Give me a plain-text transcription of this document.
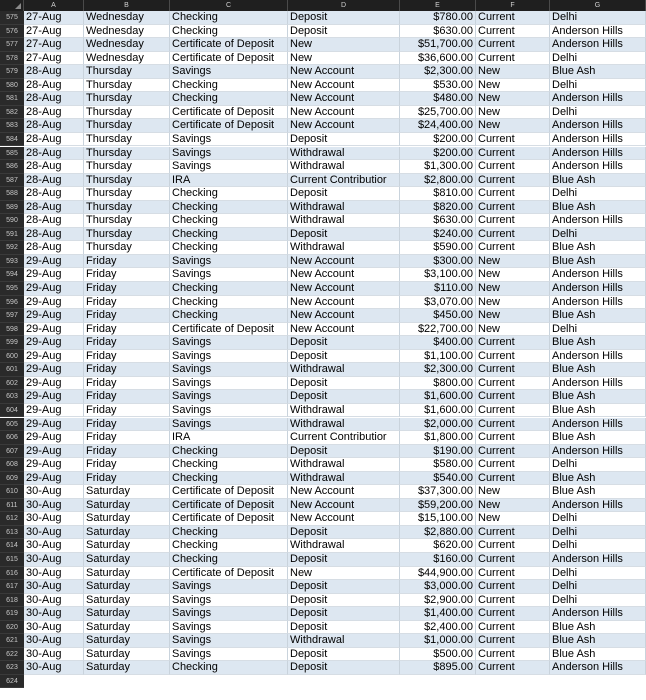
A	B	C	D	E	F	G
575 27-Aug	Wednesday	Checking	Deposit	$780.00 Current	Delhi
576 27-Aug	Wednesday	Checking	Deposit	$630.00 Current	Anderson Hills
577 27-Aug	Wednesday	Certificate of Deposit	New	$51,700.00 Current	Anderson Hills
578 27-Aug	Wednesday	Certificate of Deposit	New	$36,600.00 Current	Delhi
579 28-Aug	Thursday	Savings	New Account	$2,300.00 New	Blue Ash
580 28-Aug	Thursday	Checking	New Account	$530.00 New	Delhi
581 28-Aug	Thursday	Checking	New Account	$480.00 New	Anderson Hills
582 28-Aug	Thursday	Certificate of Deposit	New Account	$25,700.00 New	Delhi
583 28-Aug	Thursday	Certificate of Deposit	New Account	$24,400.00 New	Anderson Hills
584 28-Aug	Thursday	Savings	Deposit	$200.00 Current	Anderson Hills
585 28-Aug	Thursday	Savings	Withdrawal	$200.00 Current	Anderson Hills
586 28-Aug	Thursday	Savings	Withdrawal	$1,300.00 Current	Anderson Hills
587 28-Aug	Thursday	IRA	Current Contributior	$2,800.00 Current	Blue Ash
588 28-Aug	Thursday	Checking	Deposit	$810.00 Current	Delhi
589 28-Aug	Thursday	Checking	Withdrawal	$820.00 Current	Blue Ash
590 28-Aug	Thursday	Checking	Withdrawal	$630.00 Current	Anderson Hills
591 28-Aug	Thursday	Checking	Deposit	$240.00 Current	Delhi
592 28-Aug	Thursday	Checking	Withdrawal	$590.00 Current	Blue Ash
593 29-Aug	Friday	Savings	New Account	$300.00 New	Blue Ash
594 29-Aug	Friday	Savings	New Account	$3,100.00 New	Anderson Hills
595 29-Aug	Friday	Checking	New Account	$110.00 New	Anderson Hills
596 29-Aug	Friday	Checking	New Account	$3,070.00 New	Anderson Hills
597 29-Aug	Friday	Checking	New Account	$450.00 New	Blue Ash
598 29-Aug	Friday	Certificate of Deposit	New Account	$22,700.00 New	Delhi
599 29-Aug	Friday	Savings	Deposit	$400.00 Current	Blue Ash
600 29-Aug	Friday	Savings	Deposit	$1,100.00 Current	Anderson Hills
601 29-Aug	Friday	Savings	Withdrawal	$2,300.00 Current	Blue Ash
602 29-Aug	Friday	Savings	Deposit	$800.00 Current	Anderson Hills
603 29-Aug	Friday	Savings	Deposit	$1,600.00 Current	Blue Ash
604 29-Aug	Friday	Savings	Withdrawal	$1,600.00 Current	Blue Ash
605 29-Aug	Friday	Savings	Withdrawal	$2,000.00 Current	Anderson Hills
606 29-Aug	Friday	IRA	Current Contributior	$1,800.00 Current	Blue Ash
607 29-Aug	Friday	Checking	Deposit	$190.00 Current	Anderson Hills
608 29-Aug	Friday	Checking	Withdrawal	$580.00 Current	Delhi
609 29-Aug	Friday	Checking	Withdrawal	$540.00 Current	Blue Ash
610 30-Aug	Saturday	Certificate of Deposit	New Account	$37,300.00 New	Blue Ash
611 30-Aug	Saturday	Certificate of Deposit	New Account	$59,200.00 New	Anderson Hills
612 30-Aug	Saturday	Certificate of Deposit	New Account	$15,100.00 New	Delhi
613 30-Aug	Saturday	Checking	Deposit	$2,880.00 Current	Delhi
614 30-Aug	Saturday	Checking	Withdrawal	$620.00 Current	Delhi
615 30-Aug	Saturday	Checking	Deposit	$160.00 Current	Anderson Hills
616 30-Aug	Saturday	Certificate of Deposit	New	$44,900.00 Current	Delhi
617 30-Aug	Saturday	Savings	Deposit	$3,000.00 Current	Delhi
618 30-Aug	Saturday	Savings	Deposit	$2,900.00 Current	Delhi
619 30-Aug	Saturday	Savings	Deposit	$1,400.00 Current	Anderson Hills
620 30-Aug	Saturday	Savings	Deposit	$2,400.00 Current	Blue Ash
621 30-Aug	Saturday	Savings	Withdrawal	$1,000.00 Current	Blue Ash
622 30-Aug	Saturday	Savings	Deposit	$500.00 Current	Blue Ash
623 30-Aug	Saturday	Checking	Deposit	$895.00 Current	Anderson Hills
624
